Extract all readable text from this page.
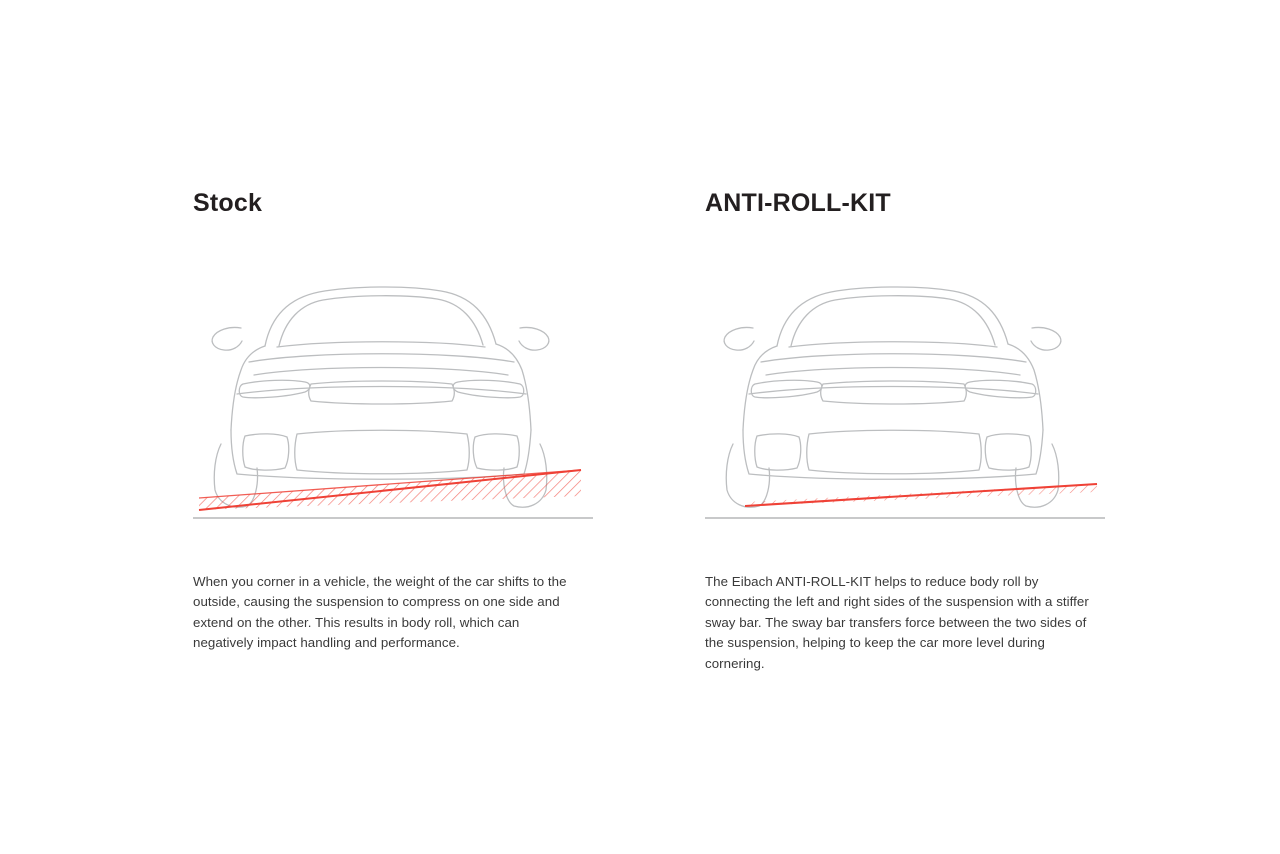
Stock

When you corner in a vehicle, the weight of the car shifts to the outside, causing the suspension to compress on one side and extend on the other. This results in body roll, which can negatively impact handling and performance.

ANTI-ROLL-KIT

The Eibach ANTI-ROLL-KIT helps to reduce body roll by connecting the left and right sides of the suspension with a stiffer sway bar. The sway bar transfers force between the two sides of the suspension, helping to keep the car more level during cornering.
